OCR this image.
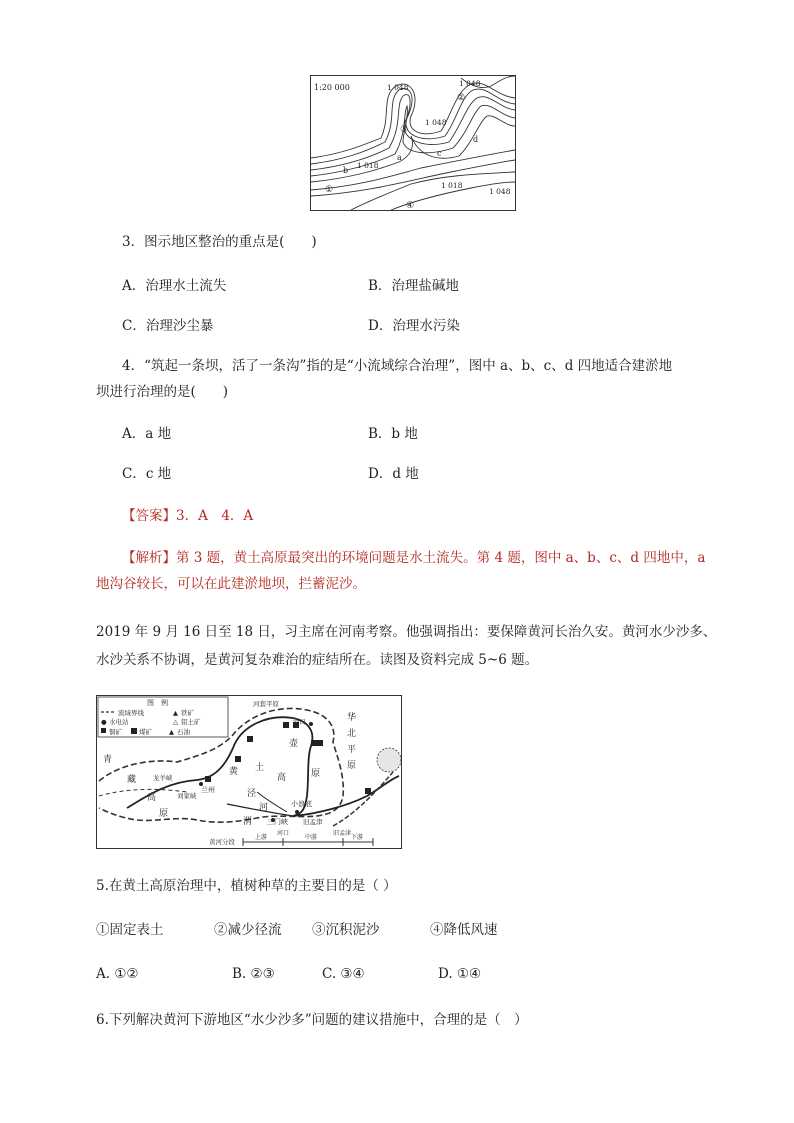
1:20 000	1 048	1 048
1 048
1 018
1 018
1 048
①
②
③
④
a
b
c
d
3．图示地区整治的重点是(　　)
A．治理水土流失	B．治理盐碱地
C．治理沙尘暴	D．治理水污染
4．“筑起一条坝，活了一条沟”指的是“小流域综合治理”，图中 a、b、c、d 四地适合建淤地
坝进行治理的是(　　)
A．a 地	B．b 地
C．c 地	D．d 地
【答案】3．A　4．A
【解析】第 3 题，黄土高原最突出的环境问题是水土流失。第 4 题，图中 a、b、c、d 四地中，a
地沟谷较长，可以在此建淤地坝，拦蓄泥沙。
2019 年 9 月 16 日至 18 日，习主席在河南考察。他强调指出：要保障黄河长治久安。黄河水少沙多、
水沙关系不协调，是黄河复杂难治的症结所在。读图及资料完成 5~6 题。
图　例
流域界线	▲ 铁矿
● 水电站	△ 铝土矿
铜矿	煤矿	▲ 石油
河套平原
河口
青
藏
高
原
龙羊峡
兰州
刘家峡
黄 土
高	原
泾
河
渭
壶
小浪底
三门峡 旧孟津
华
北
平
原
黄河分段
上游
河口
中游
旧孟津
下游
5.在黄土高原治理中，植树种草的主要目的是（ ）
①固定表土	②减少径流 ③沉积泥沙	④降低风速
A. ①②	B. ②③	C. ③④	D. ①④
6.下列解决黄河下游地区“水少沙多”问题的建议措施中，合理的是（　）
